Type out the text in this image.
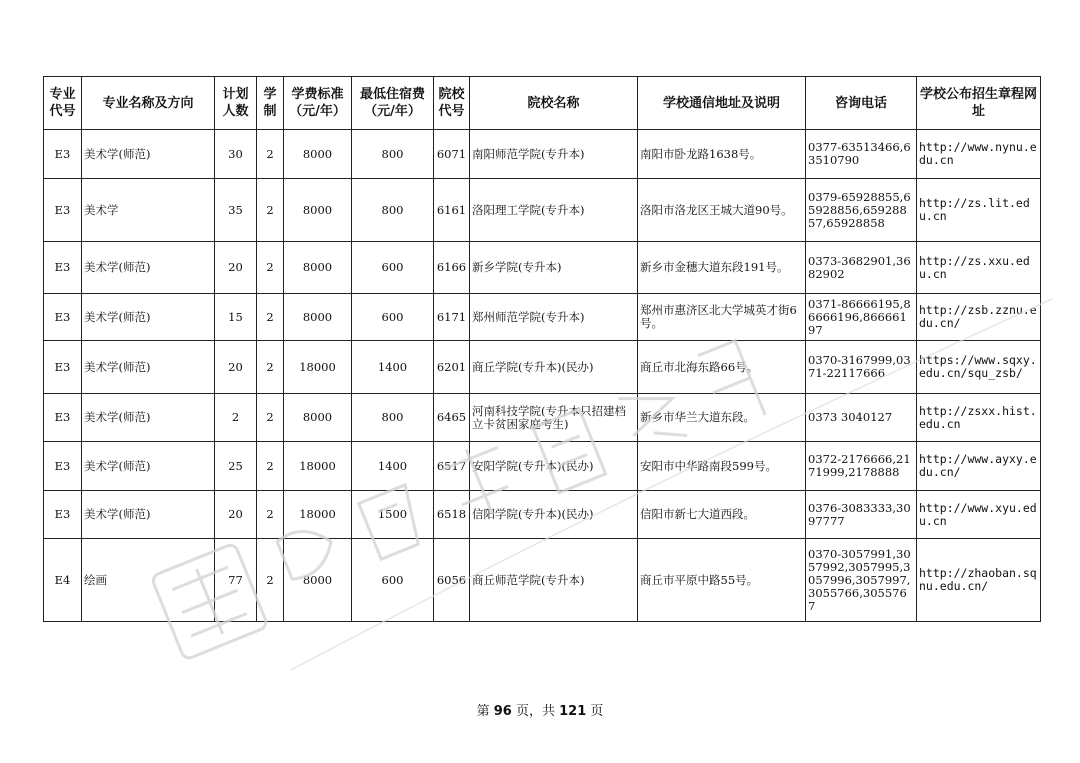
专业代号	专业名称及方向	计划人数	学制	学费标准（元/年）	最低住宿费（元/年）	院校代号	院校名称	学校通信地址及说明	咨询电话	学校公布招生章程网址
E3	美术学(师范)	30	2	8000	800	6071	南阳师范学院(专升本)	南阳市卧龙路1638号。	0377-63513466,63510790	http://www.nynu.edu.cn
E3	美术学	35	2	8000	800	6161	洛阳理工学院(专升本)	洛阳市洛龙区王城大道90号。	0379-65928855,65928856,65928857,65928858	http://zs.lit.edu.cn
E3	美术学(师范)	20	2	8000	600	6166	新乡学院(专升本)	新乡市金穗大道东段191号。	0373-3682901,3682902	http://zs.xxu.edu.cn
E3	美术学(师范)	15	2	8000	600	6171	郑州师范学院(专升本)	郑州市惠济区北大学城英才街6号。	0371-86666195,86666196,86666197	http://zsb.zznu.edu.cn/
E3	美术学(师范)	20	2	18000	1400	6201	商丘学院(专升本)(民办)	商丘市北海东路66号。	0370-3167999,0371-22117666	https://www.sqxy.edu.cn/squ_zsb/
E3	美术学(师范)	2	2	8000	800	6465	河南科技学院(专升本只招建档立卡贫困家庭考生)	新乡市华兰大道东段。	0373 3040127	http://zsxx.hist.edu.cn
E3	美术学(师范)	25	2	18000	1400	6517	安阳学院(专升本)(民办)	安阳市中华路南段599号。	0372-2176666,2171999,2178888	http://www.ayxy.edu.cn/
E3	美术学(师范)	20	2	18000	1500	6518	信阳学院(专升本)(民办)	信阳市新七大道西段。	0376-3083333,3097777	http://www.xyu.edu.cn
E4	绘画	77	2	8000	600	6056	商丘师范学院(专升本)	商丘市平原中路55号。	0370-3057991,3057992,3057995,3057996,3057997,3055766,3055767	http://zhaoban.sqnu.edu.cn/
第 96 页，共 121 页
